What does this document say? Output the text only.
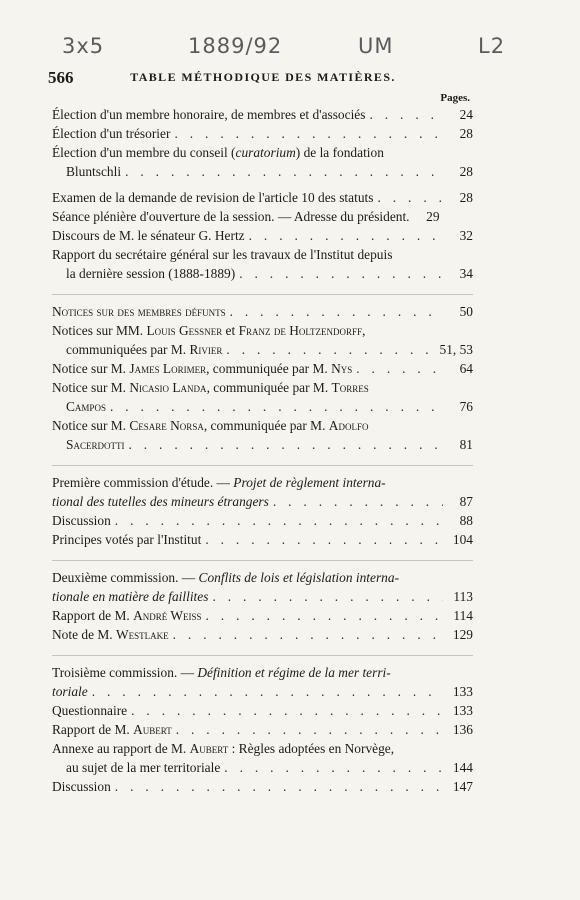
3x5	1889/92	UM	L2
566	TABLE MÉTHODIQUE DES MATIÈRES.
Pages.
Élection d'un membre honoraire, de membres et d'associés . . .	24
Élection d'un trésorier . . .	28
Élection d'un membre du conseil (curatorium) de la fondation
Bluntschli . . .	28
Examen de la demande de revision de l'article 10 des statuts . . .	28
Séance plénière d'ouverture de la session. — Adresse du président.	29
Discours de M. le sénateur G. Hertz . . .	32
Rapport du secrétaire général sur les travaux de l'Institut depuis
la dernière session (1888-1889) . . .	34
Notices sur des membres défunts . . .	50
Notices sur MM. Louis Gessner et Franz de Holtzendorff,
communiquées par M. Rivier . . .	51, 53
Notice sur M. James Lorimer, communiquée par M. Nys . . .	64
Notice sur M. Nicasio Landa, communiquée par M. Torres
Campos . . .	76
Notice sur M. Cesare Norsa, communiquée par M. Adolfo
Sacerdotti . . .	81
Première commission d'étude. — Projet de règlement interna-
tional des tutelles des mineurs étrangers . . .	87
Discussion . . .	88
Principes votés par l'Institut . . .	104
Deuxième commission. — Conflits de lois et législation interna-
tionale en matière de faillites . . .	113
Rapport de M. André Weiss . . .	114
Note de M. Westlake . . .	129
Troisième commission. — Définition et régime de la mer terri-
toriale . . .	133
Questionnaire . . .	133
Rapport de M. Aubert . . .	136
Annexe au rapport de M. Aubert : Règles adoptées en Norvège,
au sujet de la mer territoriale . . .	144
Discussion . . .	147
